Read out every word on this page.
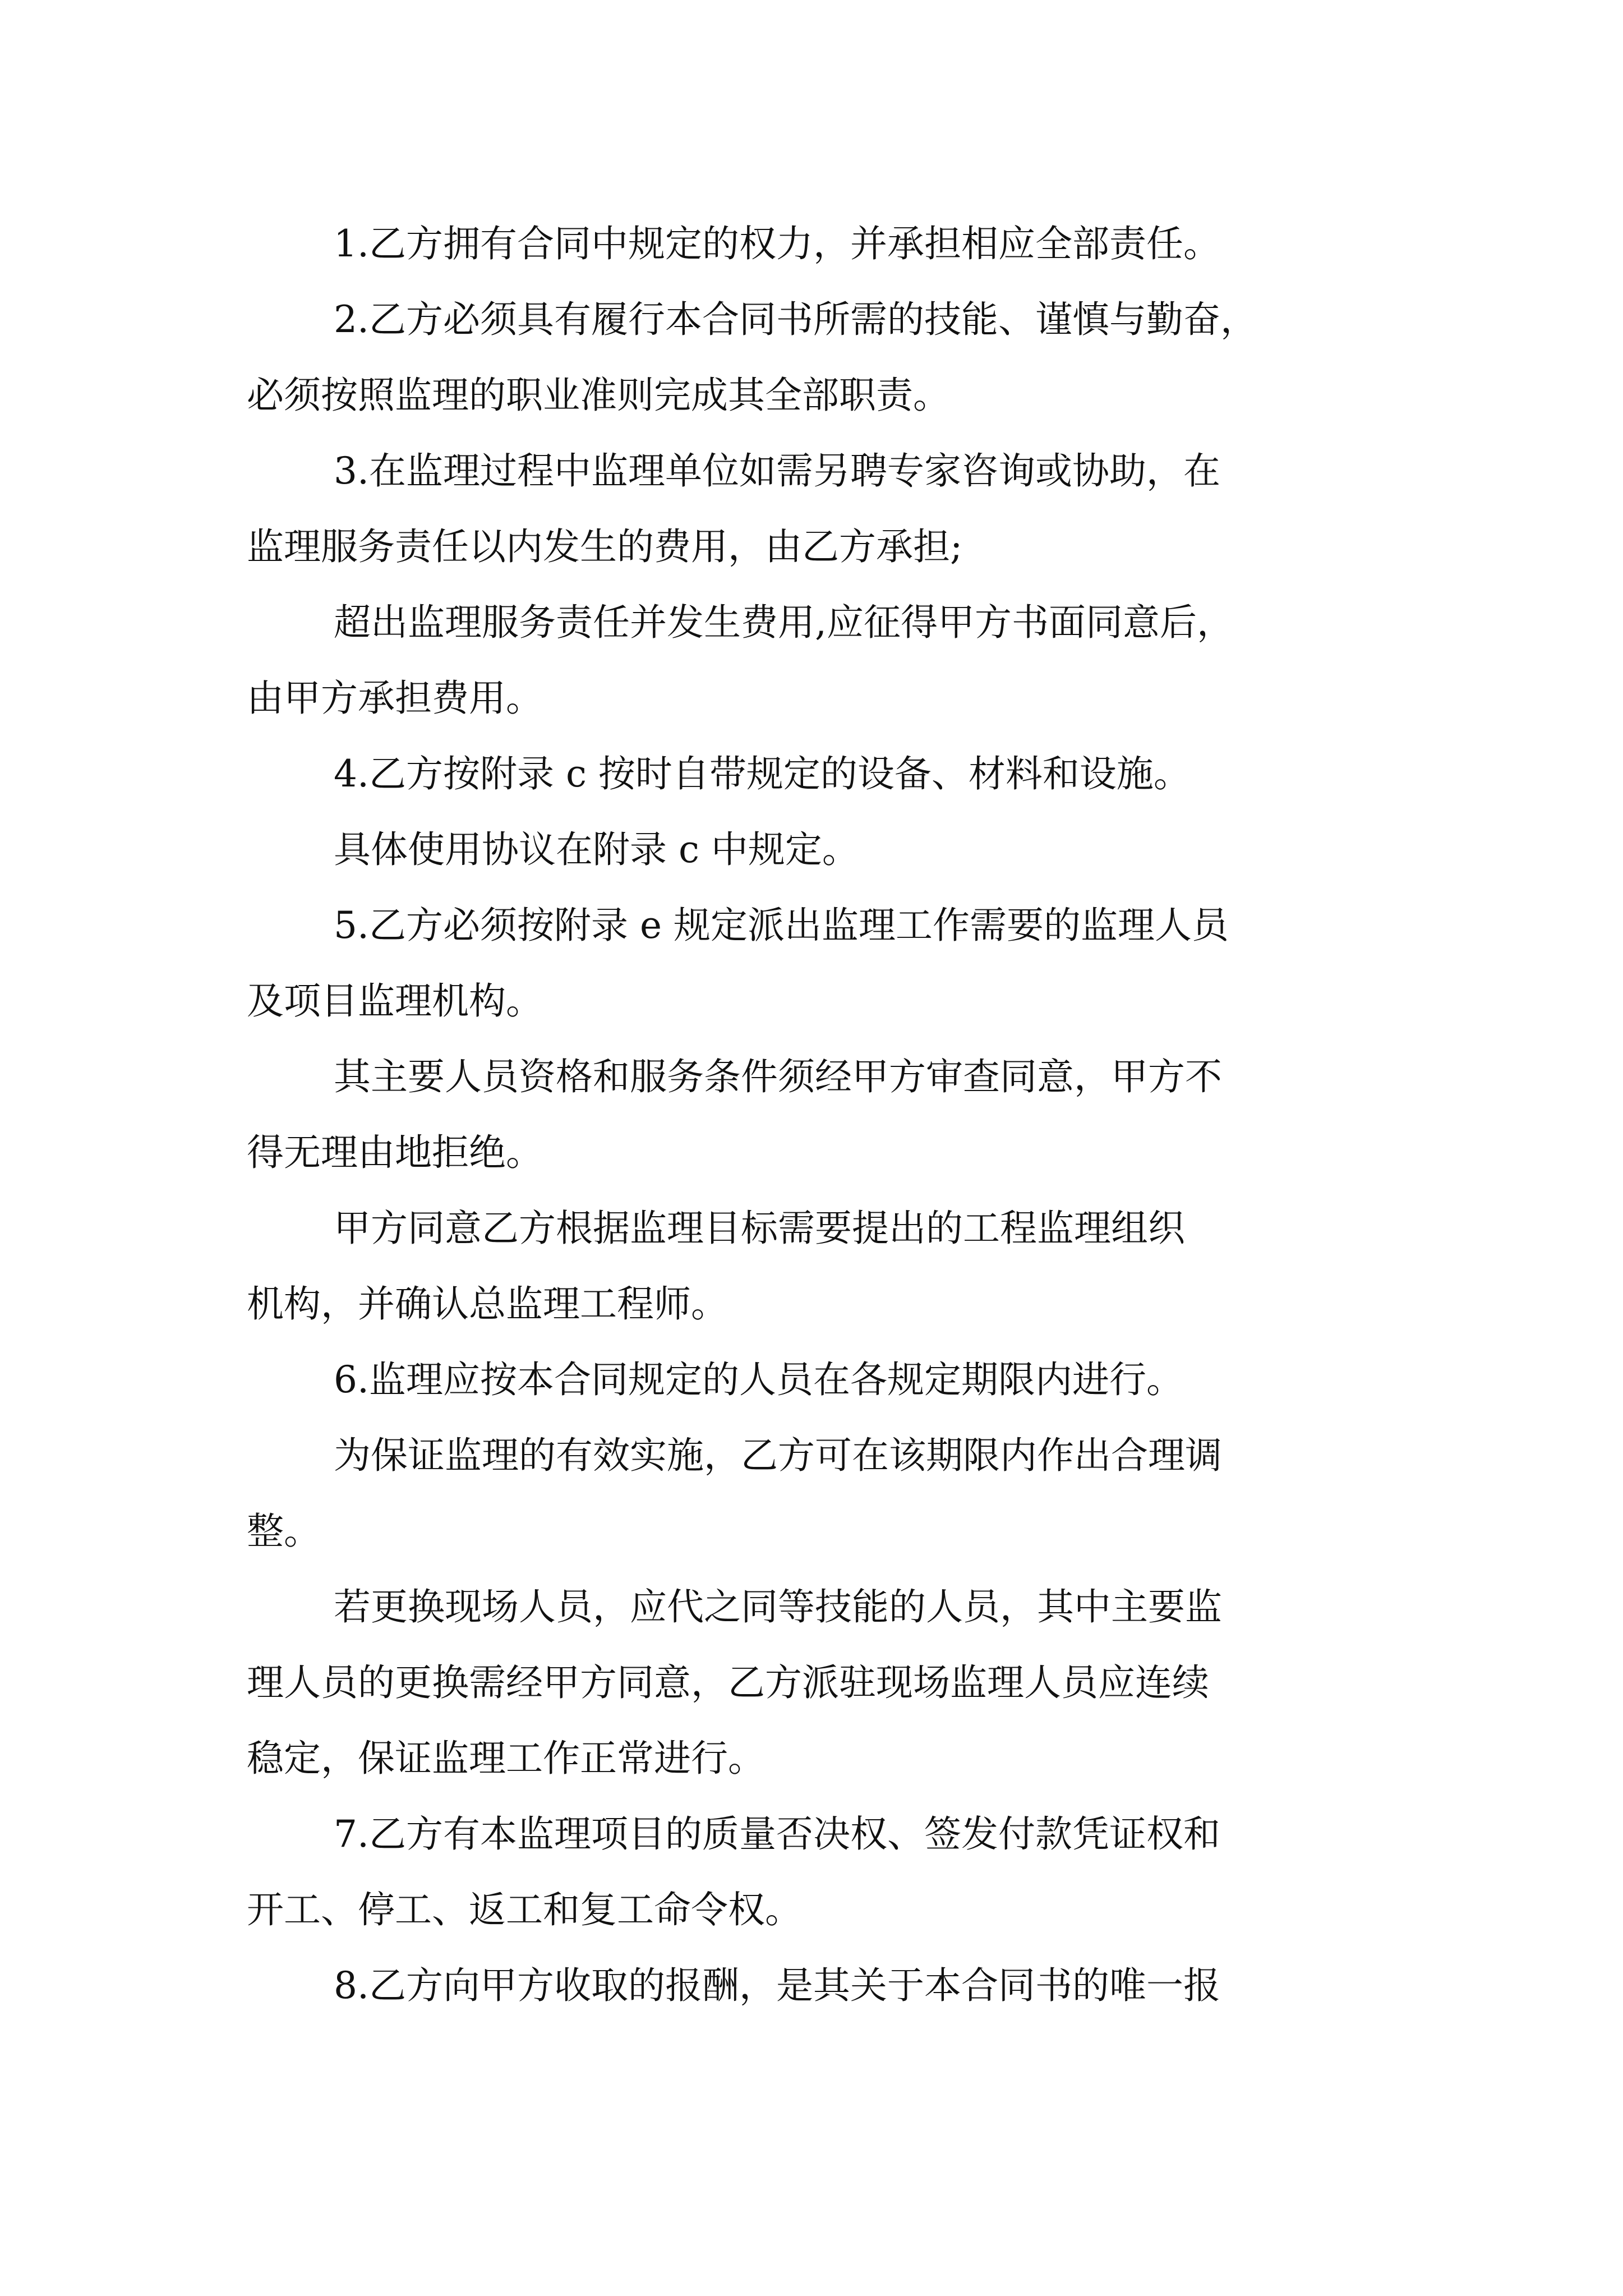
1.乙方拥有合同中规定的权力，并承担相应全部责任。

2.乙方必须具有履行本合同书所需的技能、谨慎与勤奋，

必须按照监理的职业准则完成其全部职责。

3.在监理过程中监理单位如需另聘专家咨询或协助，在

监理服务责任以内发生的费用，由乙方承担;

超出监理服务责任并发生费用,应征得甲方书面同意后，

由甲方承担费用。

4.乙方按附录 c 按时自带规定的设备、材料和设施。

具体使用协议在附录 c 中规定。

5.乙方必须按附录 e 规定派出监理工作需要的监理人员

及项目监理机构。

其主要人员资格和服务条件须经甲方审查同意，甲方不

得无理由地拒绝。

甲方同意乙方根据监理目标需要提出的工程监理组织

机构，并确认总监理工程师。

6.监理应按本合同规定的人员在各规定期限内进行。

为保证监理的有效实施，乙方可在该期限内作出合理调

整。

若更换现场人员，应代之同等技能的人员，其中主要监

理人员的更换需经甲方同意，乙方派驻现场监理人员应连续

稳定，保证监理工作正常进行。

7.乙方有本监理项目的质量否决权、签发付款凭证权和

开工、停工、返工和复工命令权。

8.乙方向甲方收取的报酬，是其关于本合同书的唯一报
